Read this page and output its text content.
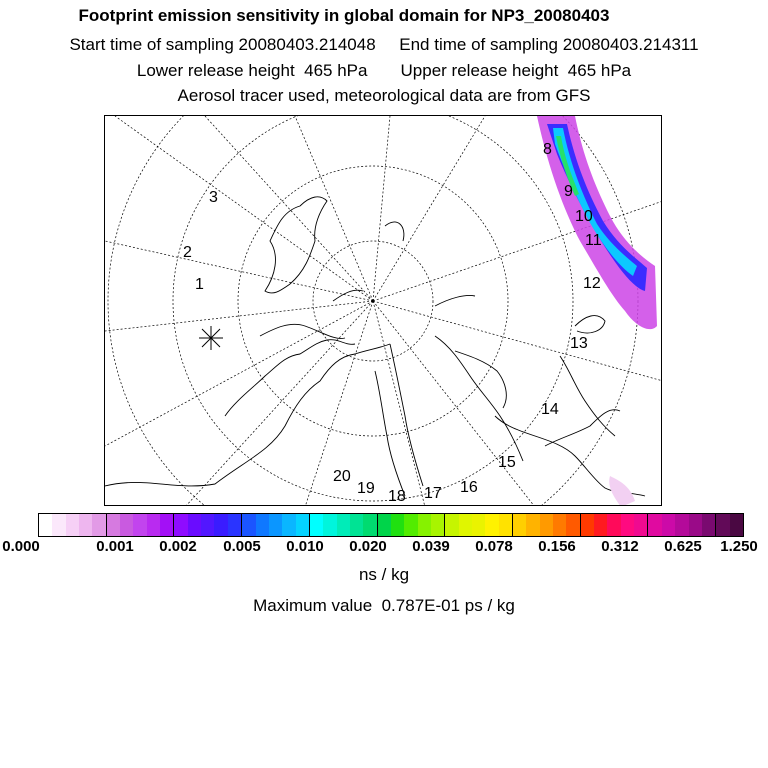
Footprint emission sensitivity in global domain for NP3_20080403
Start time of sampling 20080403.214048     End time of sampling 20080403.214311
Lower release height  465 hPa       Upper release height  465 hPa
Aerosol tracer used, meteorological data are from GFS
1
2
3
8
9
10
11
12
13
14
15
16
17
18
19
20
0.000	0.001 0.002 0.005 0.010 0.020 0.039 0.078 0.156 0.312 0.625 1.250
ns / kg
Maximum value  0.787E-01 ps / kg
